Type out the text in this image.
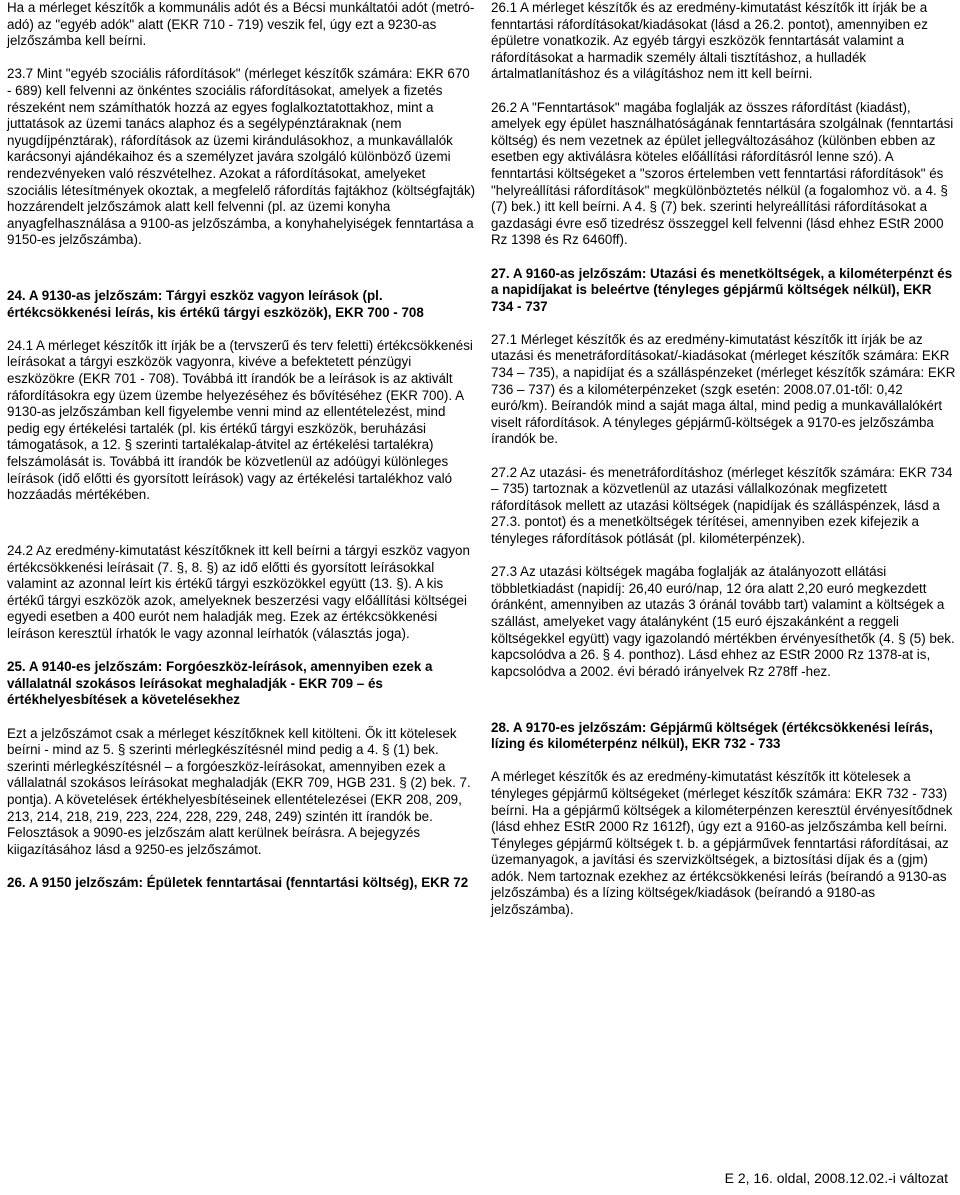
Ha a mérleget készítők a kommunális adót és a Bécsi munkáltatói adót (metró-adó) az "egyéb adók" alatt (EKR 710 - 719) veszik fel, úgy ezt a 9230-as jelzőszámba kell beírni.

23.7 Mint "egyéb szociális ráfordítások" (mérleget készítők számára: EKR 670 - 689) kell felvenni az önkéntes szociális ráfordításokat, amelyek a fizetés részeként nem számíthatók hozzá az egyes foglalkoztatottakhoz, mint a juttatások az üzemi tanács alaphoz és a segélypénztáraknak (nem nyugdíjpénztárak), ráfordítások az üzemi kirándulásokhoz, a munkavállalók karácsonyi ajándékaihoz és a személyzet javára szolgáló különböző üzemi rendezvényeken való részvételhez. Azokat a ráfordításokat, amelyeket szociális létesítmények okoztak, a megfelelő ráfordítás fajtákhoz (költségfajták) hozzárendelt jelzőszámok alatt kell felvenni (pl. az üzemi konyha anyagfelhasználása a 9100-as jelzőszámba, a konyhahelyiségek fenntartása a 9150-es jelzőszámba).

24. A 9130-as jelzőszám: Tárgyi eszköz vagyon leírások (pl. értékcsökkenési leírás, kis értékű tárgyi eszközök), EKR 700 - 708

24.1 A mérleget készítők itt írják be a (tervszerű és terv feletti) értékcsökkenési leírásokat a tárgyi eszközök vagyonra, kivéve a befektetett pénzügyi eszközökre (EKR 701 - 708). Továbbá itt írandók be a leírások is az aktivált ráfordításokra egy üzem üzembe helyezéséhez és bővítéséhez (EKR 700). A 9130-as jelzőszámban kell figyelembe venni mind az ellentételezést, mind pedig egy értékelési tartalék (pl. kis értékű tárgyi eszközök, beruházási támogatások, a 12. § szerinti tartalékalap-átvitel az értékelési tartalékra) felszámolását is. Továbbá itt írandók be közvetlenül az adóügyi különleges leírások (idő előtti és gyorsított leírások) vagy az értékelési tartalékhoz való hozzáadás mértékében.

24.2 Az eredmény-kimutatást készítőknek itt kell beírni a tárgyi eszköz vagyon értékcsökkenési leírásait (7. §, 8. §) az idő előtti és gyorsított leírásokkal valamint az azonnal leírt kis értékű tárgyi eszközökkel együtt (13. §). A kis értékű tárgyi eszközök azok, amelyeknek beszerzési vagy előállítási költségei egyedi esetben a 400 eurót nem haladják meg. Ezek az értékcsökkenési leíráson keresztül írhatók le vagy azonnal leírhatók (választás joga).

25. A 9140-es jelzőszám: Forgóeszköz-leírások, amennyiben ezek a vállalatnál szokásos leírásokat meghaladják - EKR 709 – és értékhelyesbítések a követelésekhez

Ezt a jelzőszámot csak a mérleget készítőknek kell kitölteni. Ők itt kötelesek beírni - mind az 5. § szerinti mérlegkészítésnél mind pedig a 4. § (1) bek. szerinti mérlegkészítésnél – a forgóeszköz-leírásokat, amennyiben ezek a vállalatnál szokásos leírásokat meghaladják (EKR 709, HGB 231. § (2) bek. 7. pontja). A követelések értékhelyesbítéseinek ellentételezései (EKR 208, 209, 213, 214, 218, 219, 223, 224, 228, 229, 248, 249) szintén itt írandók be. Felosztások a 9090-es jelzőszám alatt kerülnek beírásra. A bejegyzés kiigazításához lásd a 9250-es jelzőszámot.

26. A 9150 jelzőszám: Épületek fenntartásai (fenntartási költség), EKR 72

26.1 A mérleget készítők és az eredmény-kimutatást készítők itt írják be a fenntartási ráfordításokat/kiadásokat (lásd a 26.2. pontot), amennyiben ez épületre vonatkozik. Az egyéb tárgyi eszközök fenntartását valamint a ráfordításokat a harmadik személy általi tisztításhoz, a hulladék ártalmatlanításhoz és a világításhoz nem itt kell beírni.

26.2 A "Fenntartások" magába foglalják az összes ráfordítást (kiadást), amelyek egy épület használhatóságának fenntartására szolgálnak (fenntartási költség) és nem vezetnek az épület jellegváltozásához (különben ebben az esetben egy aktiválásra köteles előállítási ráfordításról lenne szó). A fenntartási költségeket a "szoros értelemben vett fenntartási ráfordítások" és "helyreállítási ráfordítások" megkülönböztetés nélkül (a fogalomhoz vö. a 4. § (7) bek.) itt kell beírni. A 4. § (7) bek. szerinti helyreállítási ráfordításokat a gazdasági évre eső tizedrész összeggel kell felvenni (lásd ehhez EStR 2000 Rz 1398 és Rz 6460ff).

27. A 9160-as jelzőszám: Utazási és menetköltségek, a kilométerpénzt és a napidíjakat is beleértve (tényleges gépjármű költségek nélkül), EKR 734 - 737

27.1 Mérleget készítők és az eredmény-kimutatást készítők itt írják be az utazási és menetráfordításokat/-kiadásokat (mérleget készítők számára: EKR 734 – 735), a napidíjat és a szálláspénzeket (mérleget készítők számára: EKR 736 – 737) és a kilométerpénzeket (szgk esetén: 2008.07.01-től: 0,42 euró/km). Beírandók mind a saját maga által, mind pedig a munkavállalókért viselt ráfordítások. A tényleges gépjármű-költségek a 9170-es jelzőszámba írandók be.

27.2 Az utazási- és menetráfordításhoz (mérleget készítők számára: EKR 734 – 735) tartoznak a közvetlenül az utazási vállalkozónak megfizetett ráfordítások mellett az utazási költségek (napidíjak és szálláspénzek, lásd a 27.3. pontot) és a menetköltségek térítései, amennyiben ezek kifejezik a tényleges ráfordítások pótlását (pl. kilométerpénzek).

27.3 Az utazási költségek magába foglalják az átalányozott ellátási többletkiadást (napidíj: 26,40 euró/nap, 12 óra alatt 2,20 euró megkezdett óránként, amennyiben az utazás 3 óránál tovább tart) valamint a költségek a szállást, amelyeket vagy átalányként (15 euró éjszakánként a reggeli költségekkel együtt) vagy igazolandó mértékben érvényesíthetők (4. § (5) bek. kapcsolódva a 26. § 4. ponthoz). Lásd ehhez az EStR 2000 Rz 1378-at is, kapcsolódva a 2002. évi béradó irányelvek Rz 278ff -hez.

28. A 9170-es jelzőszám: Gépjármű költségek (értékcsökkenési leírás, lízing és kilométerpénz nélkül), EKR 732 - 733

A mérleget készítők és az eredmény-kimutatást készítők itt kötelesek a tényleges gépjármű költségeket (mérleget készítők számára: EKR 732 - 733) beírni. Ha a gépjármű költségek a kilométerpénzen keresztül érvényesítődnek (lásd ehhez EStR 2000 Rz 1612f), úgy ezt a 9160-as jelzőszámba kell beírni. Tényleges gépjármű költségek t. b. a gépjárművek fenntartási ráfordításai, az üzemanyagok, a javítási és szervizköltségek, a biztosítási díjak és a (gjm) adók. Nem tartoznak ezekhez az értékcsökkenési leírás (beírandó a 9130-as jelzőszámba) és a lízing költségek/kiadások (beírandó a 9180-as jelzőszámba).

E 2, 16. oldal, 2008.12.02.-i változat
